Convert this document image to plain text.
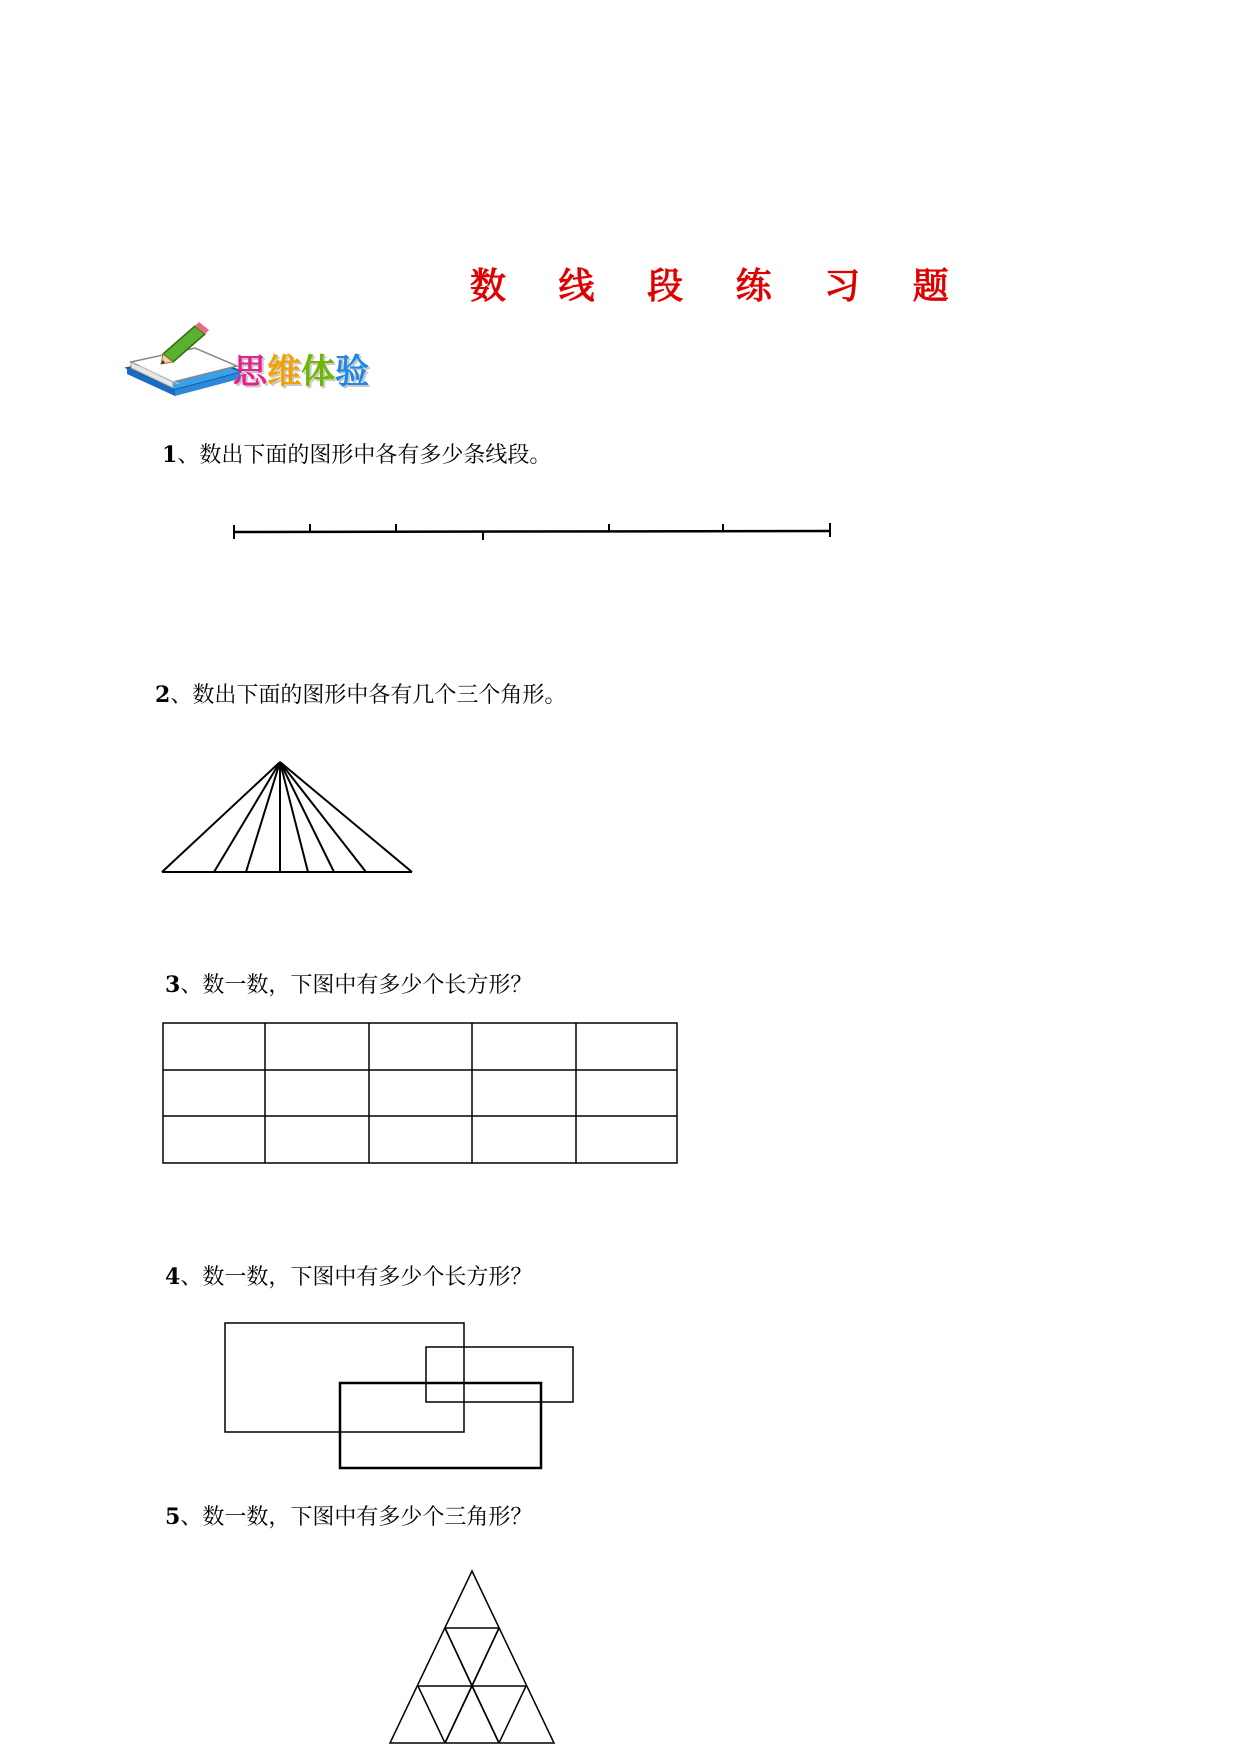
数 线 段 练 习 题
思维体验
1、数出下面的图形中各有多少条线段。
2、数出下面的图形中各有几个三个角形。
3、数一数，下图中有多少个长方形？
4、数一数，下图中有多少个长方形？
5、数一数，下图中有多少个三角形？
